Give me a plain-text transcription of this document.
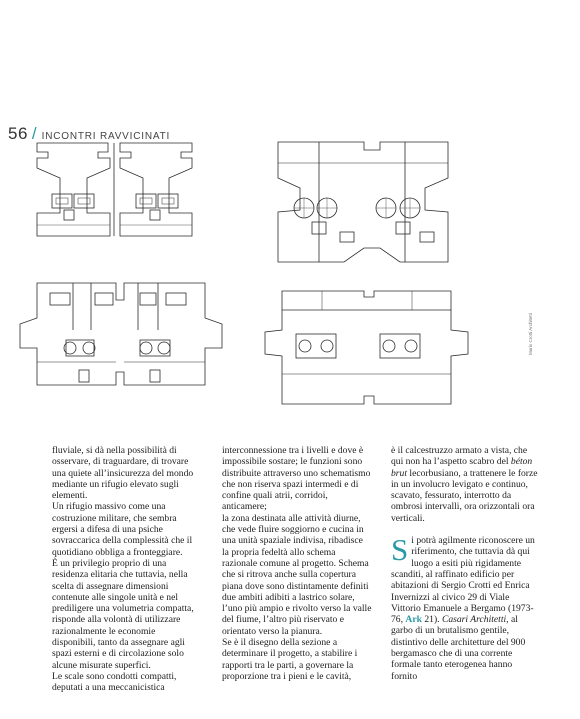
56 / INCONTRI RAVVICINATI
Mario Crotti Architetti

fluviale, si dà nella possibilità di osservare, di traguardare, di trovare una quiete all’insicurezza del mondo mediante un rifugio elevato sugli elementi.

Un rifugio massivo come una costruzione militare, che sembra ergersi a difesa di una psiche sovraccarica della complessità che il quotidiano obbliga a fronteggiare.

È un privilegio proprio di una residenza elitaria che tuttavia, nella scelta di assegnare dimensioni contenute alle singole unità e nel prediligere una volumetria compatta, risponde alla volontà di utilizzare razionalmente le economie disponibili, tanto da assegnare agli spazi esterni e di circolazione solo alcune misurate superfici.

Le scale sono condotti compatti, deputati a una meccanicistica

interconnessione tra i livelli e dove è impossibile sostare; le funzioni sono distribuite attraverso uno schematismo che non riserva spazi intermedi e di confine quali atrii, corridoi, anticamere;

la zona destinata alle attività diurne, che vede fluire soggiorno e cucina in una unità spaziale indivisa, ribadisce la propria fedeltà allo schema razionale comune al progetto. Schema che si ritrova anche sulla copertura piana dove sono distintamente definiti due ambiti adibiti a lastrico solare, l’uno più ampio e rivolto verso la valle del fiume, l’altro più riservato e orientato verso la pianura.

Se è il disegno della sezione a determinare il progetto, a stabilire i rapporti tra le parti, a governare la proporzione tra i pieni e le cavità,

è il calcestruzzo armato a vista, che qui non ha l’aspetto scabro del béton brut lecorbusiano, a trattenere le forze in un involucro levigato e continuo, scavato, fessurato, interrotto da ombrosi intervalli, ora orizzontali ora verticali.

Si potrà agilmente riconoscere un riferimento, che tuttavia dà qui luogo a esiti più rigidamente scanditi, al raffinato edificio per abitazioni di Sergio Crotti ed Enrica Invernizzi al civico 29 di Viale Vittorio Emanuele a Bergamo (1973-76, Ark 21). Casari Architetti, al garbo di un brutalismo gentile, distintivo delle architetture del 900 bergamasco che di una corrente formale tanto eterogenea hanno fornito
